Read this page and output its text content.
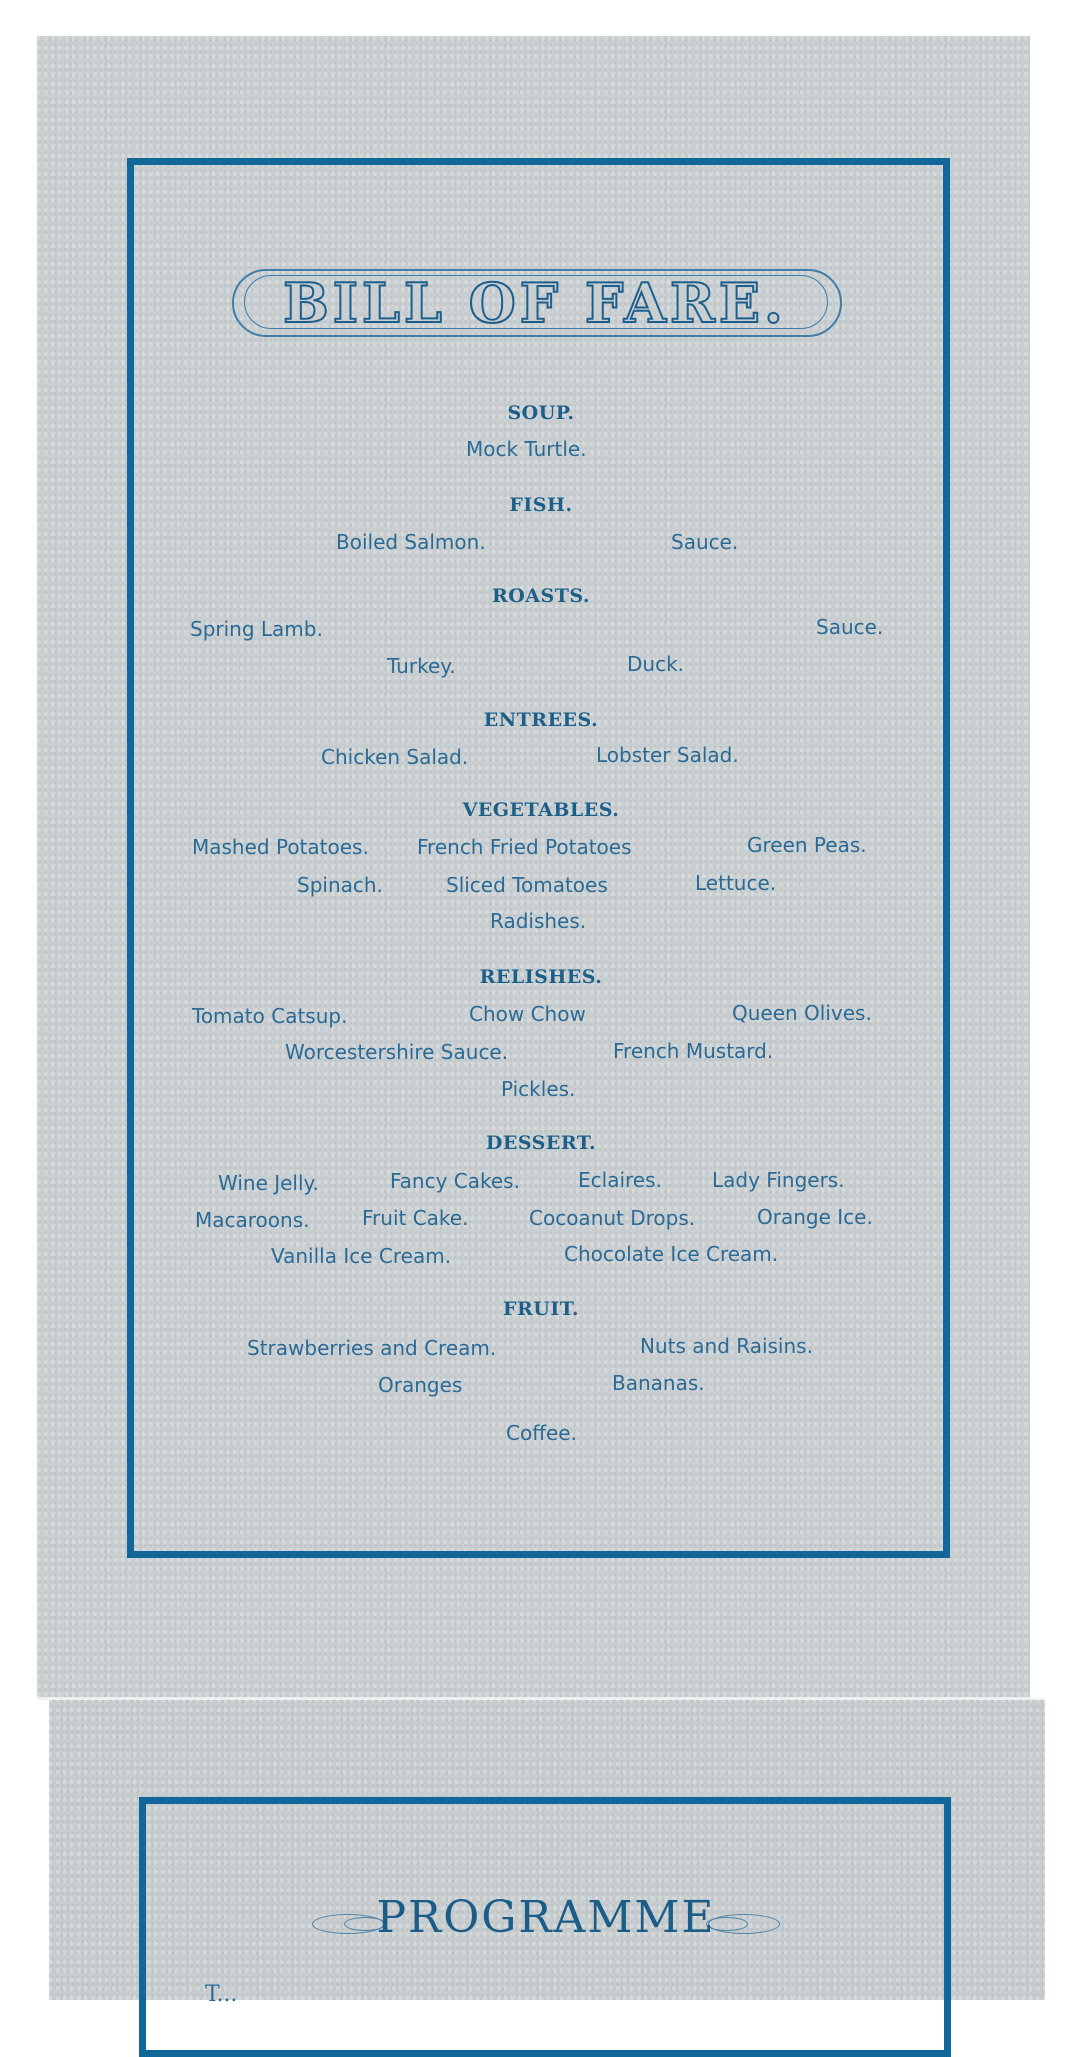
BILL OF FARE.
SOUP.
Mock Turtle.
FISH.
Boiled Salmon.	Sauce.
ROASTS.
Spring Lamb.	Sauce.
Turkey.	Duck.
ENTREES.
Chicken Salad.	Lobster Salad.
VEGETABLES.
Mashed Potatoes. French Fried Potatoes	Green Peas.
Spinach.	Sliced Tomatoes	Lettuce.
Radishes.
RELISHES.
Tomato Catsup.	Chow Chow	Queen Olives.
Worcestershire Sauce.	French Mustard.
Pickles.
DESSERT.
Wine Jelly.	Fancy Cakes.	Eclaires.	Lady Fingers.
Macaroons.	Fruit Cake.	Cocoanut Drops.	Orange Ice.
Vanilla Ice Cream.	Chocolate Ice Cream.
FRUIT.
Strawberries and Cream.	Nuts and Raisins.
Oranges	Bananas.
Coffee.
PROGRAMME
T...
